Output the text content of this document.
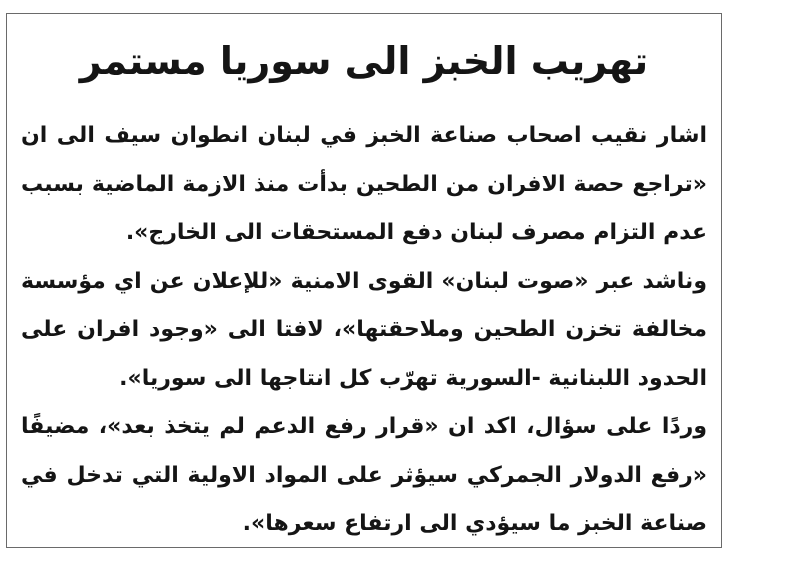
تهريب الخبز الى سوريا مستمر
اشار نقيب اصحاب صناعة الخبز في لبنان انطوان سيف الى ان
«تراجع حصة الافران من الطحين بدأت منذ الازمة الماضية بسبب
عدم التزام مصرف لبنان دفع المستحقات الى الخارج».
وناشد عبر «صوت لبنان» القوى الامنية «للإعلان عن اي مؤسسة
مخالفة تخزن الطحين وملاحقتها»، لافتا الى «وجود افران على
الحدود اللبنانية -السورية تهرّب كل انتاجها الى سوريا».
وردًا على سؤال، اكد ان «قرار رفع الدعم لم يتخذ بعد»، مضيفًا
«رفع الدولار الجمركي سيؤثر على المواد الاولية التي تدخل في
صناعة الخبز ما سيؤدي الى ارتفاع سعرها».
